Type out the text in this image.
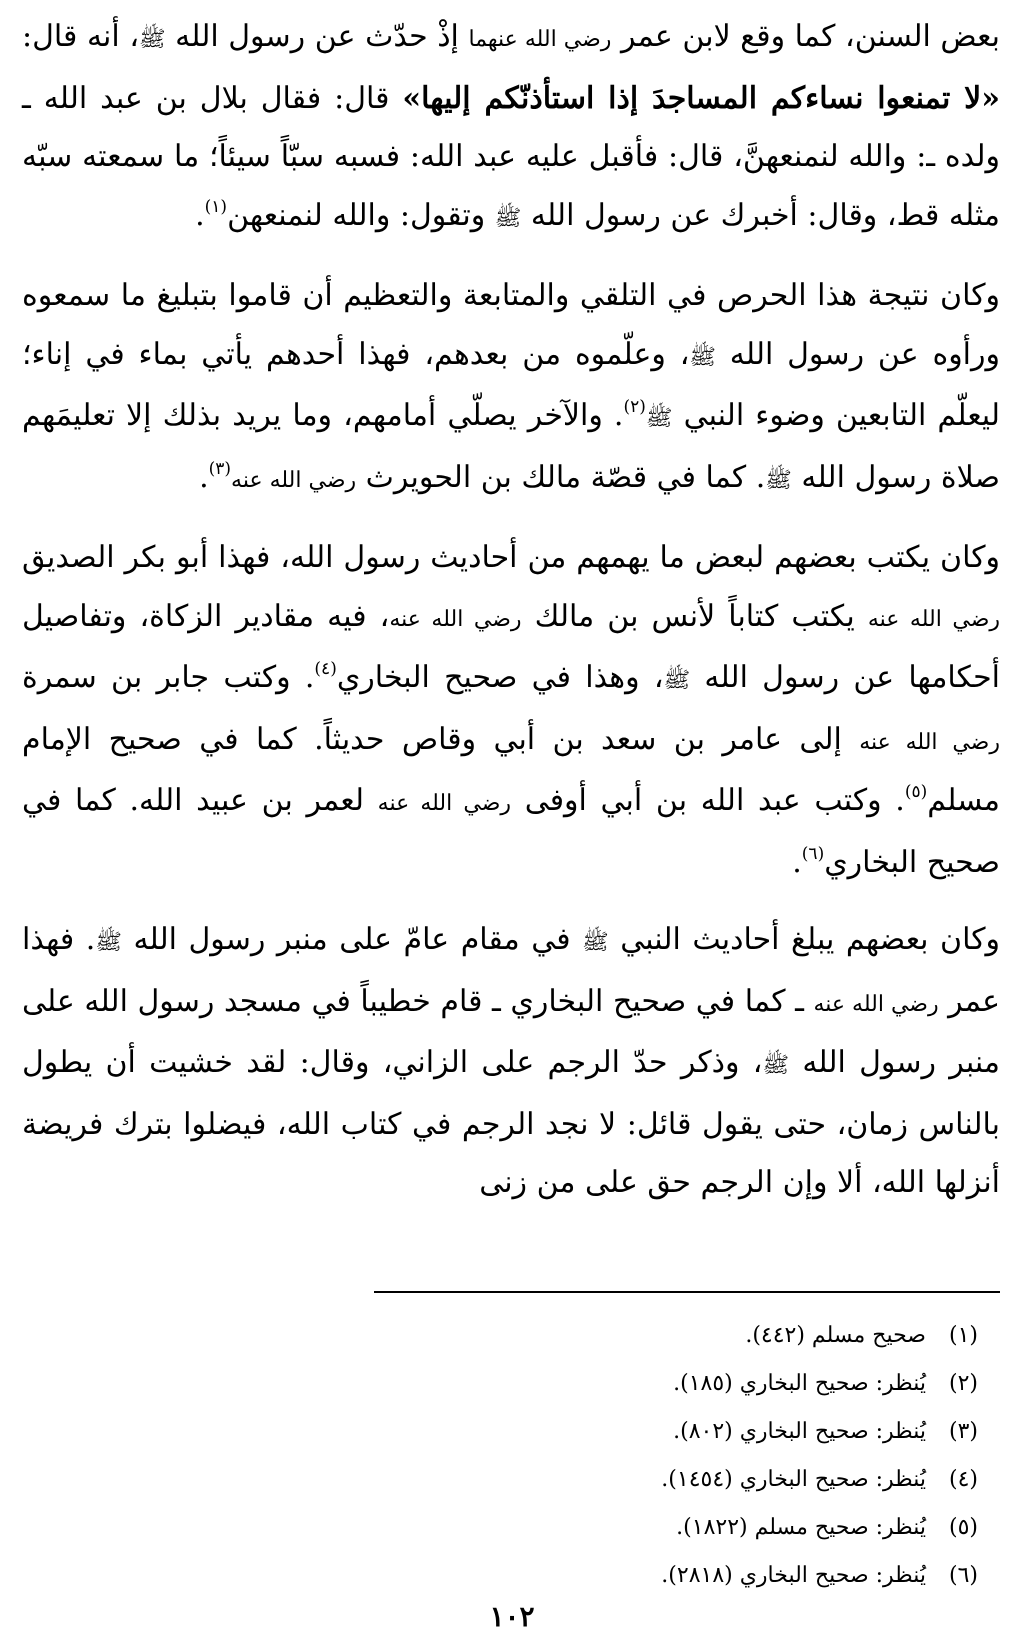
بعض السنن، كما وقع لابن عمر رضي الله عنهما إذْ حدّث عن رسول الله ﷺ، أنه قال: «لا تمنعوا نساءكم المساجدَ إذا استأذنّكم إليها» قال: فقال بلال بن عبد الله ـ ولده ـ: والله لنمنعهنَّ، قال: فأقبل عليه عبد الله: فسبه سبّاً سيئاً؛ ما سمعته سبّه مثله قط، وقال: أخبرك عن رسول الله ﷺ وتقول: والله لنمنعهن$^{(١)}$.

وكان نتيجة هذا الحرص في التلقي والمتابعة والتعظيم أن قاموا بتبليغ ما سمعوه ورأوه عن رسول الله ﷺ، وعلّموه من بعدهم، فهذا أحدهم يأتي بماء في إناء؛ ليعلّم التابعين وضوء النبي ﷺ$^{(٢)}$. والآخر يصلّي أمامهم، وما يريد بذلك إلا تعليمَهم صلاة رسول الله ﷺ. كما في قصّة مالك بن الحويرث رضي الله عنه$^{(٣)}$.

وكان يكتب بعضهم لبعض ما يهمهم من أحاديث رسول الله، فهذا أبو بكر الصديق رضي الله عنه يكتب كتاباً لأنس بن مالك رضي الله عنه، فيه مقادير الزكاة، وتفاصيل أحكامها عن رسول الله ﷺ، وهذا في صحيح البخاري$^{(٤)}$. وكتب جابر بن سمرة رضي الله عنه إلى عامر بن سعد بن أبي وقاص حديثاً. كما في صحيح الإمام مسلم$^{(٥)}$. وكتب عبد الله بن أبي أوفى رضي الله عنه لعمر بن عبيد الله. كما في صحيح البخاري$^{(٦)}$.

وكان بعضهم يبلغ أحاديث النبي ﷺ في مقام عامّ على منبر رسول الله ﷺ. فهذا عمر رضي الله عنه ـ كما في صحيح البخاري ـ قام خطيباً في مسجد رسول الله على منبر رسول الله ﷺ، وذكر حدّ الرجم على الزاني، وقال: لقد خشيت أن يطول بالناس زمان، حتى يقول قائل: لا نجد الرجم في كتاب الله، فيضلوا بترك فريضة أنزلها الله، ألا وإن الرجم حق على من زنى

(١)صحيح مسلم (٤٤٢).
(٢)يُنظر: صحيح البخاري (١٨٥).
(٣)يُنظر: صحيح البخاري (٨٠٢).
(٤)يُنظر: صحيح البخاري (١٤٥٤).
(٥)يُنظر: صحيح مسلم (١٨٢٢).
(٦)يُنظر: صحيح البخاري (٢٨١٨).
١٠٢
